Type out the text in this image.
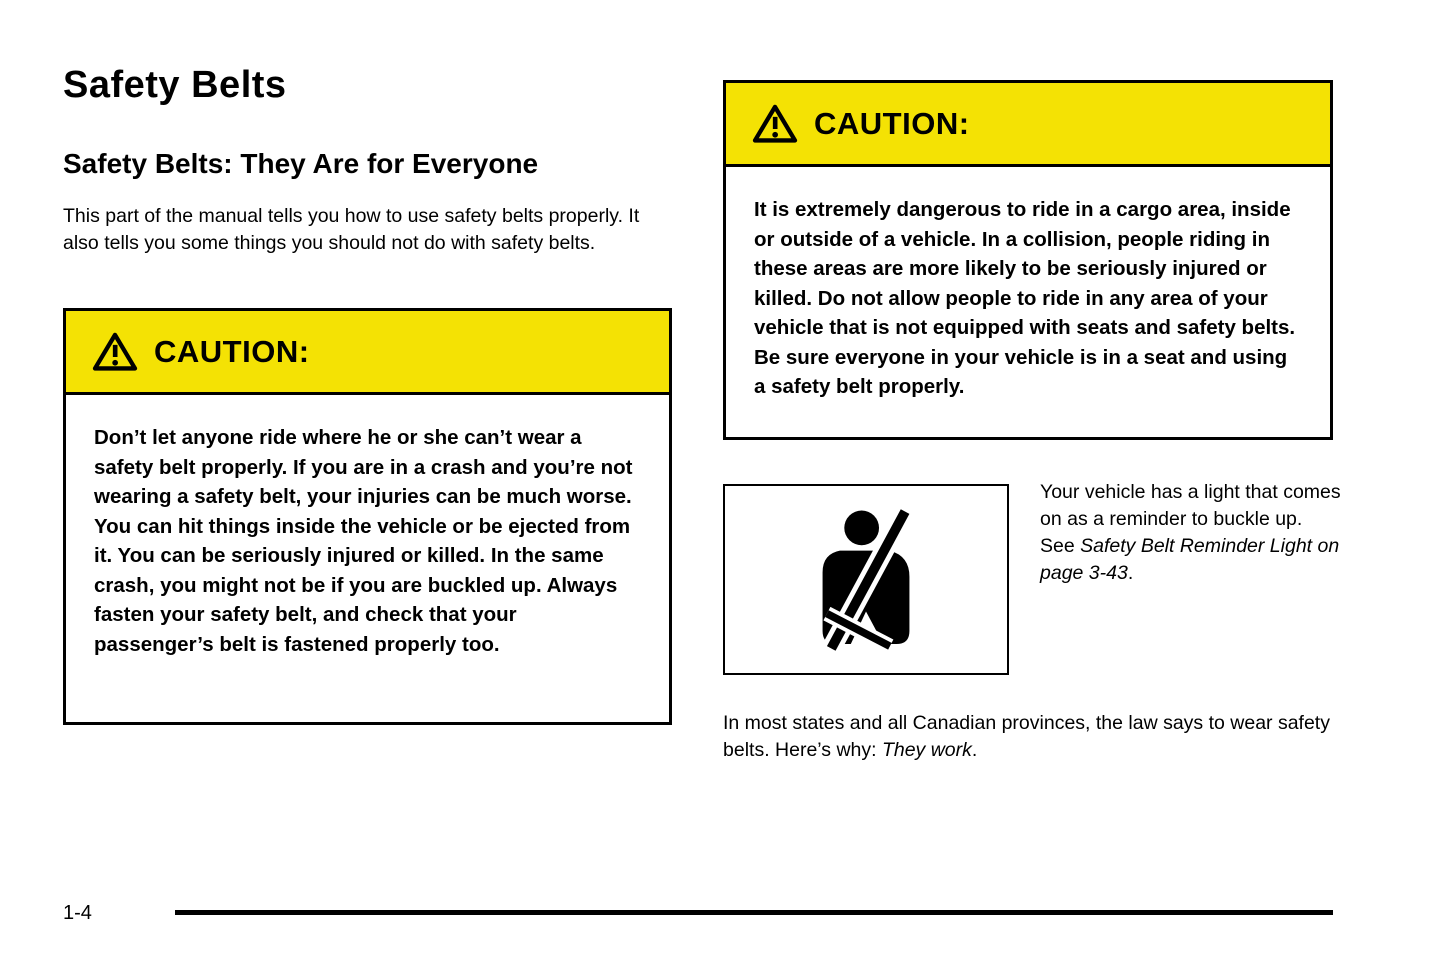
Safety Belts
Safety Belts: They Are for Everyone

This part of the manual tells you how to use safety belts properly. It also tells you some things you should not do with safety belts.

CAUTION:
Don’t let anyone ride where he or she can’t wear a safety belt properly. If you are in a crash and you’re not wearing a safety belt, your injuries can be much worse. You can hit things inside the vehicle or be ejected from it. You can be seriously injured or killed. In the same crash, you might not be if you are buckled up. Always fasten your safety belt, and check that your passenger’s belt is fastened properly too.
CAUTION:
It is extremely dangerous to ride in a cargo area, inside or outside of a vehicle. In a collision, people riding in these areas are more likely to be seriously injured or killed. Do not allow people to ride in any area of your vehicle that is not equipped with seats and safety belts. Be sure everyone in your vehicle is in a seat and using a safety belt properly.

Your vehicle has a light that comes on as a reminder to buckle up. See Safety Belt Reminder Light on page 3-43.

In most states and all Canadian provinces, the law says to wear safety belts. Here’s why: They work.

1-4
